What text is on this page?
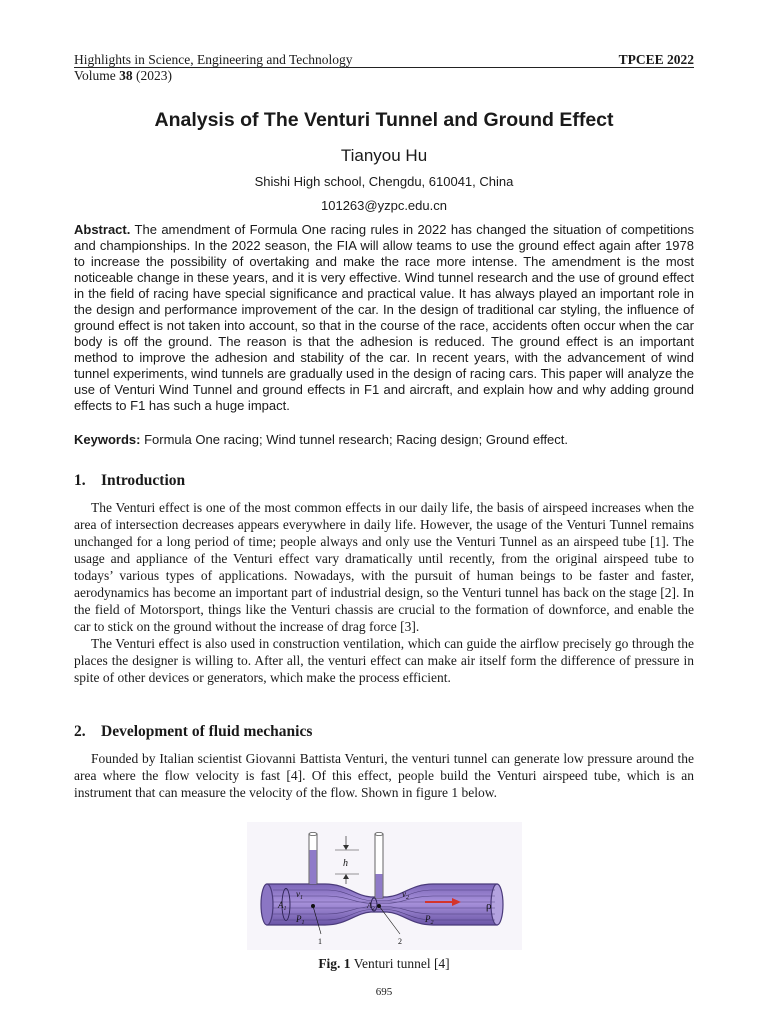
Highlights in Science, Engineering and Technology
Volume 38 (2023)
TPCEE 2022
Analysis of The Venturi Tunnel and Ground Effect
Tianyou Hu
Shishi High school, Chengdu, 610041, China
101263@yzpc.edu.cn

Abstract. The amendment of Formula One racing rules in 2022 has changed the situation of competitions and championships. In the 2022 season, the FIA will allow teams to use the ground effect again after 1978 to increase the possibility of overtaking and make the race more intense. The amendment is the most noticeable change in these years, and it is very effective. Wind tunnel research and the use of ground effect in the field of racing have special significance and practical value. It has always played an important role in the design and performance improvement of the car. In the design of traditional car styling, the influence of ground effect is not taken into account, so that in the course of the race, accidents often occur when the car body is off the ground. The reason is that the adhesion is reduced. The ground effect is an important method to improve the adhesion and stability of the car. In recent years, with the advancement of wind tunnel experiments, wind tunnels are gradually used in the design of racing cars. This paper will analyze the use of Venturi Wind Tunnel and ground effects in F1 and aircraft, and explain how and why adding ground effects to F1 has such a huge impact.

Keywords: Formula One racing; Wind tunnel research; Racing design; Ground effect.

1. Introduction

The Venturi effect is one of the most common effects in our daily life, the basis of airspeed increases when the area of intersection decreases appears everywhere in daily life. However, the usage of the Venturi Tunnel remains unchanged for a long period of time; people always and only use the Venturi Tunnel as an airspeed tube [1]. The usage and appliance of the Venturi effect vary dramatically until recently, from the original airspeed tube to todays’ various types of applications. Nowadays, with the pursuit of human beings to be faster and faster, aerodynamics has become an important part of industrial design, so the Venturi tunnel has back on the stage [2]. In the field of Motorsport, things like the Venturi chassis are crucial to the formation of downforce, and enable the car to stick on the ground without the increase of drag force [3].

The Venturi effect is also used in construction ventilation, which can guide the airflow precisely go through the places the designer is willing to. After all, the venturi effect can make air itself form the difference of pressure in spite of other devices or generators, which make the process efficient.

2. Development of fluid mechanics

Founded by Italian scientist Giovanni Battista Venturi, the venturi tunnel can generate low pressure around the area where the flow velocity is fast [4]. Of this effect, people build the Venturi airspeed tube, which is an instrument that can measure the velocity of the flow. Shown in figure 1 below.

h
$v_1$	$v_2$
$A_1$	$A_2$
$P_1$	$P_2$
ρ
1	2
Fig. 1 Venturi tunnel [4]
695
